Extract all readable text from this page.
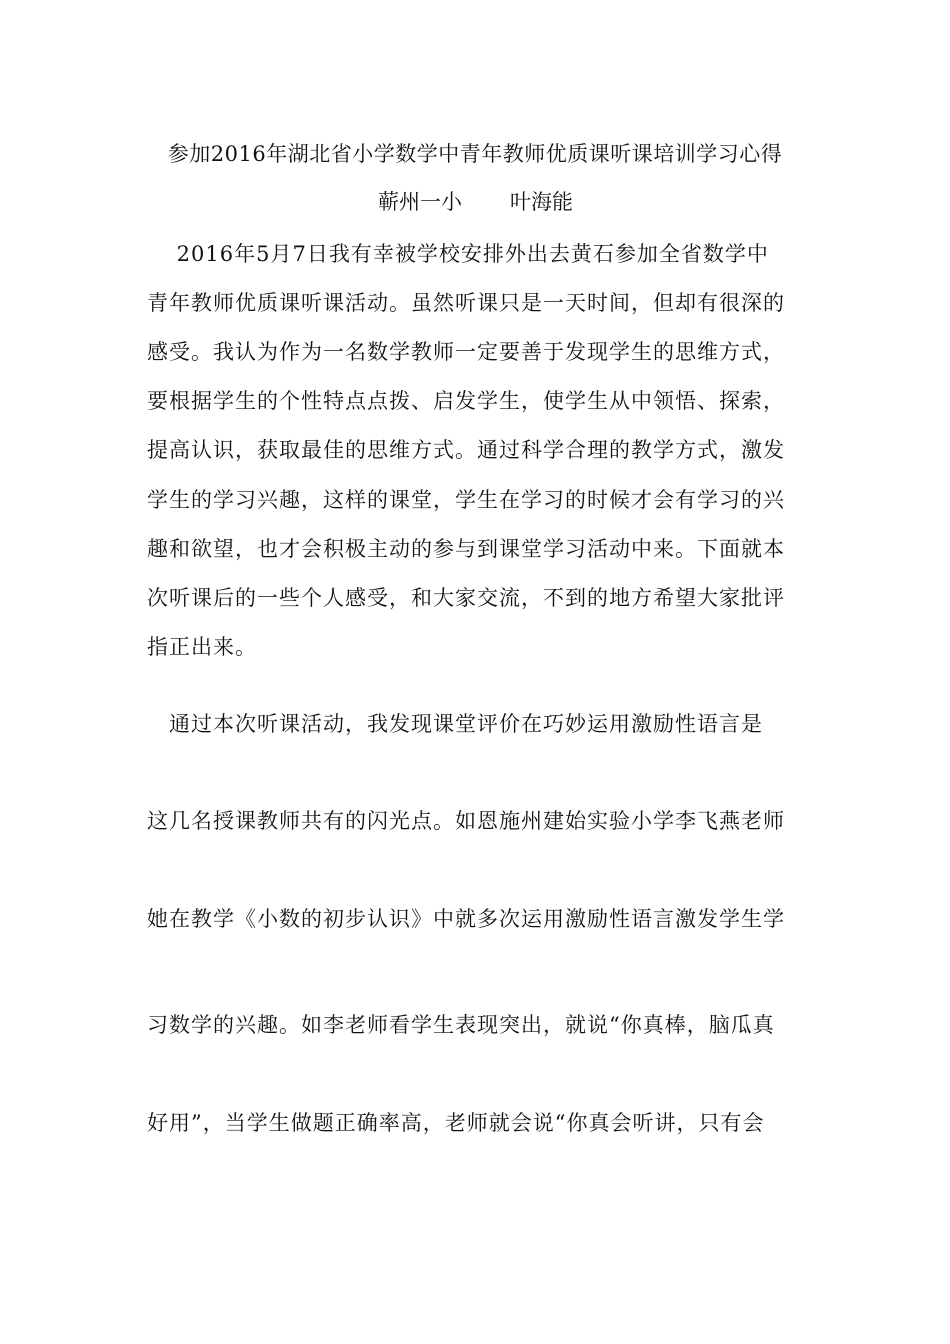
参加2016年湖北省小学数学中青年教师优质课听课培训学习心得
蕲州一小 叶海能
　 2016年5月7日我有幸被学校安排外出去黄石参加全省数学中
青年教师优质课听课活动。虽然听课只是一天时间，但却有很深的
感受。我认为作为一名数学教师一定要善于发现学生的思维方式，
要根据学生的个性特点点拨、启发学生，使学生从中领悟、探索，
提高认识，获取最佳的思维方式。通过科学合理的教学方式，激发
学生的学习兴趣，这样的课堂，学生在学习的时候才会有学习的兴
趣和欲望，也才会积极主动的参与到课堂学习活动中来。下面就本
次听课后的一些个人感受，和大家交流，不到的地方希望大家批评
指正出来。
　通过本次听课活动，我发现课堂评价在巧妙运用激励性语言是
这几名授课教师共有的闪光点。如恩施州建始实验小学李飞燕老师
她在教学《小数的初步认识》中就多次运用激励性语言激发学生学
习数学的兴趣。如李老师看学生表现突出，就说“你真棒，脑瓜真
好用”，当学生做题正确率高，老师就会说“你真会听讲，只有会
